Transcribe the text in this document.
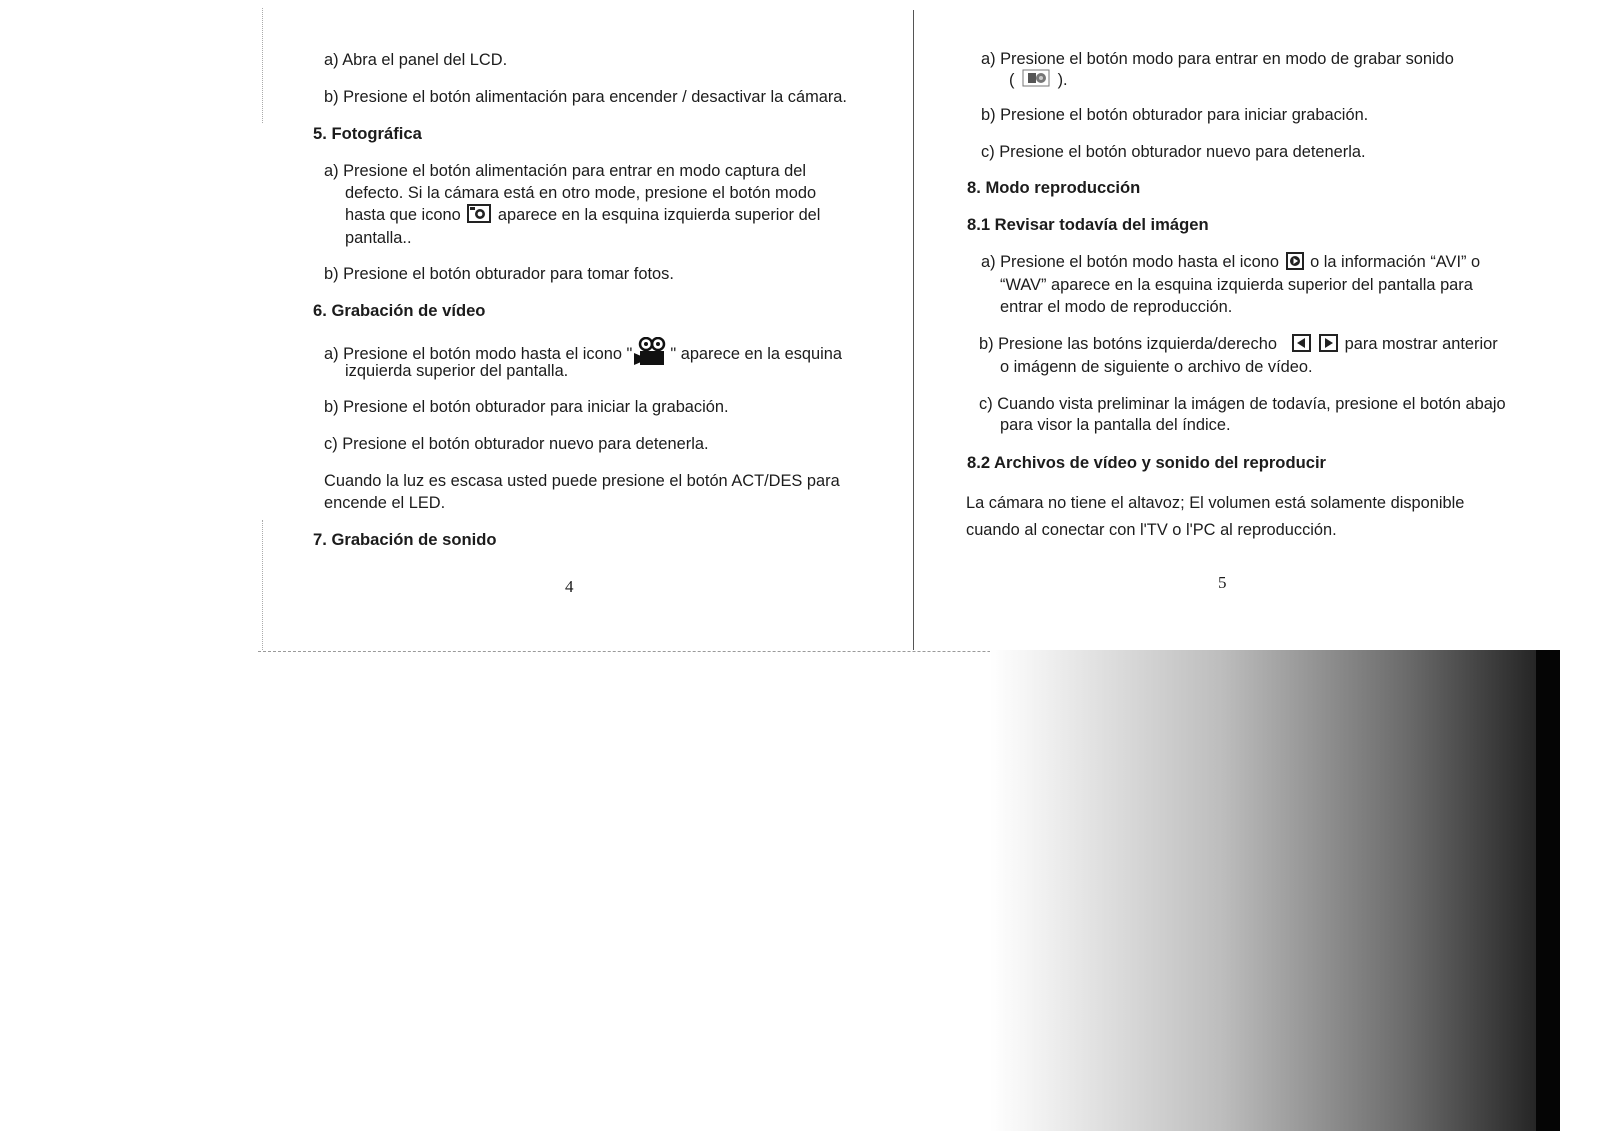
a) Abra el panel del LCD.
b) Presione el botón alimentación para encender / desactivar la cámara.
5. Fotográfica
a) Presione el botón alimentación para entrar en modo captura del
defecto. Si la cámara está en otro mode, presione el botón modo
hasta que icono aparece en la esquina izquierda superior del
pantalla..
b) Presione el botón obturador para tomar fotos.
6. Grabación de vídeo
a) Presione el botón modo hasta el icono " " aparece en la esquina
izquierda superior del pantalla.
b) Presione el botón obturador para iniciar la grabación.
c) Presione el botón obturador nuevo para detenerla.
Cuando la luz es escasa usted puede presione el botón ACT/DES para
encende el LED.
7. Grabación de sonido
4
a) Presione el botón modo para entrar en modo de grabar sonido
(	).
b) Presione el botón obturador para iniciar grabación.
c) Presione el botón obturador nuevo para detenerla.
8. Modo reproducción
8.1 Revisar todavía del imágen
a) Presione el botón modo hasta el icono o la información “AVI” o
“WAV” aparece en la esquina izquierda superior del pantalla para
entrar el modo de reproducción.
b) Presione las botóns izquierda/derecho	para mostrar anterior
o imágenn de siguiente o archivo de vídeo.
c) Cuando vista preliminar la imágen de todavía, presione el botón abajo
para visor la pantalla del índice.
8.2 Archivos de vídeo y sonido del reproducir
La cámara no tiene el altavoz; El volumen está solamente disponible
cuando al conectar con l'TV o l'PC al reproducción.
5
